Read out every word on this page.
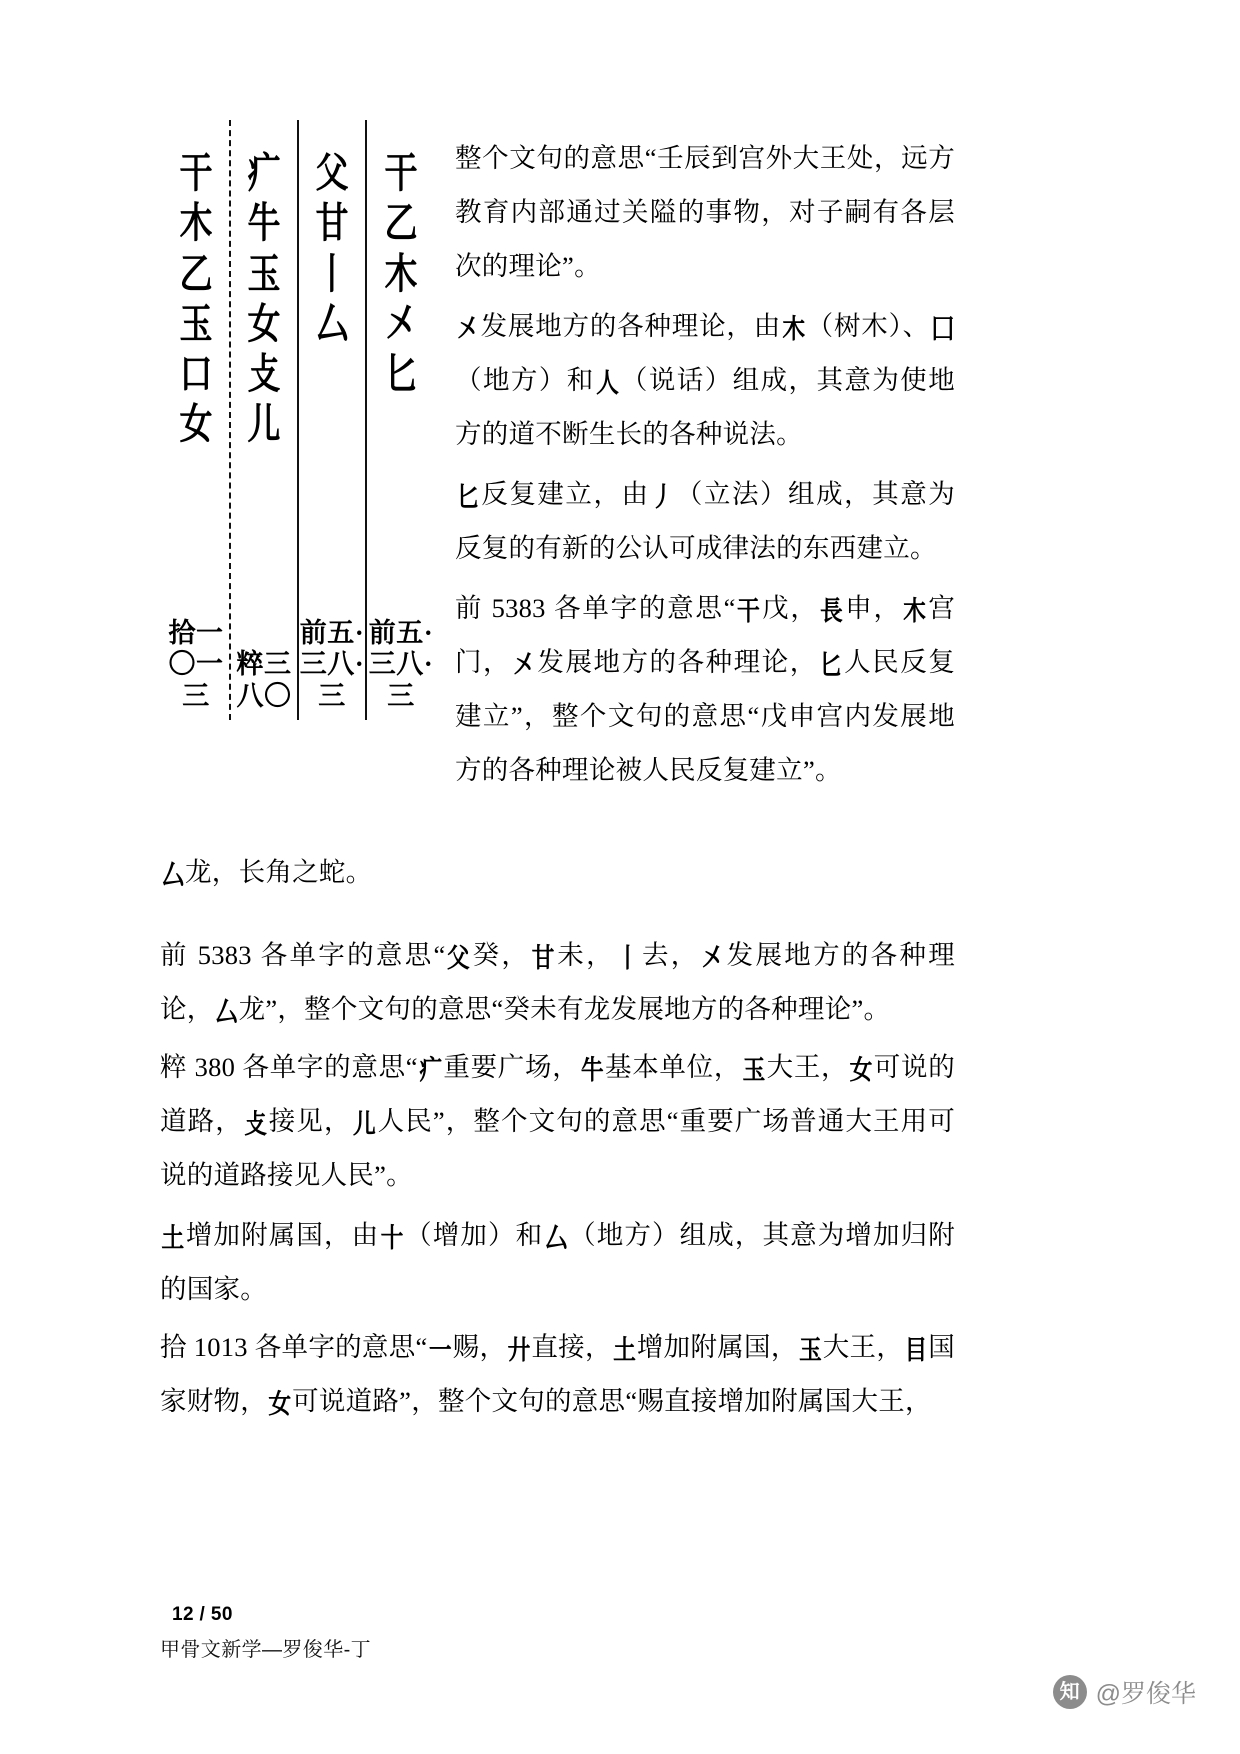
⼲⼄⽊㐅⼔
前五·三八·三
⽗⽢⼁⼛
前五·三八·三
⽧⽜⽟⼥⽁⼉
粹三八〇
⼲⽊⼄⽟⼝⼥
拾一〇一三

整个文句的意思“壬辰到宫外大王处，远方教育内部通过关隘的事物，对子嗣有各层次的理论”。

㐅发展地方的各种理论，由⽊（树木）、⼞（地方）和⼈（说话）组成，其意为使地方的道不断生长的各种说法。

⼔反复建立，由⼃（立法）组成，其意为反复的有新的公认可成律法的东西建立。

前 5383 各单字的意思“⼲戊，⻑申，⽊宫门，㐅发展地方的各种理论，⼔人民反复建立”，整个文句的意思“戊申宫内发展地方的各种理论被人民反复建立”。

⼛龙，长角之蛇。

前 5383 各单字的意思“⽗癸，⽢未，⼁去，㐅发展地方的各种理论，⼛龙”，整个文句的意思“癸未有龙发展地方的各种理论”。

粹 380 各单字的意思“⽧重要广场，⽜基本单位，⽟大王，⼥可说的道路，⽁接见，⼉人民”，整个文句的意思“重要广场普通大王用可说的道路接见人民”。

⼟增加附属国，由⼗（增加）和⼛（地方）组成，其意为增加归附的国家。

拾 1013 各单字的意思“⼀赐，⼶直接，⼟增加附属国，⽟大王，⽬国家财物，⼥可说道路”，整个文句的意思“赐直接增加附属国大王，

12 / 50
甲骨文新学—罗俊华-丁
知 @罗俊华
